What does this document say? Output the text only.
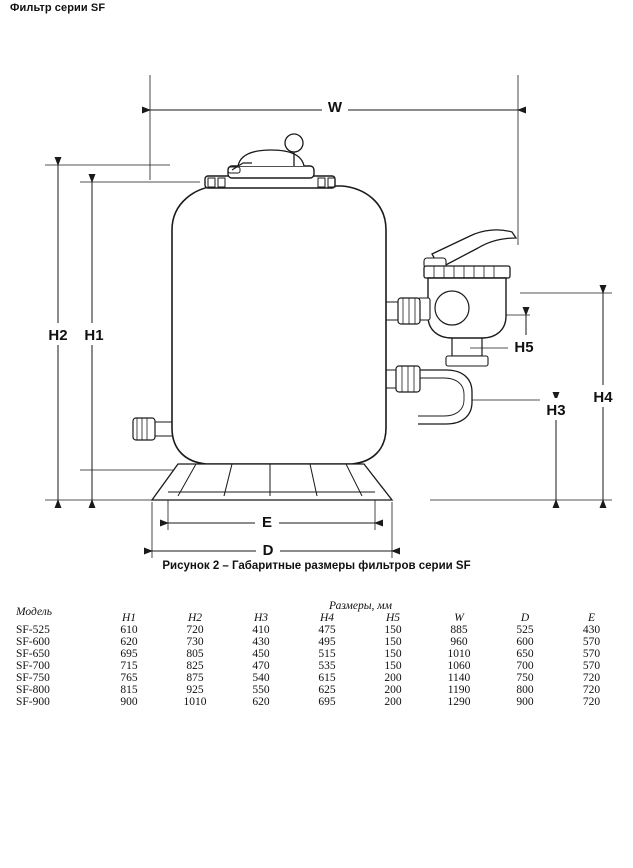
Фильтр серии SF
W
H2 H1
E
D
H5
H3
H4
Рисунок 2 – Габаритные размеры фильтров серии SF
Модель	Размеры, мм							
	H1	H2	H3	H4	H5	W	D	E
SF-525	610	720	410	475	150	885	525	430
SF-600	620	730	430	495	150	960	600	570
SF-650	695	805	450	515	150	1010	650	570
SF-700	715	825	470	535	150	1060	700	570
SF-750	765	875	540	615	200	1140	750	720
SF-800	815	925	550	625	200	1190	800	720
SF-900	900	1010	620	695	200	1290	900	720
